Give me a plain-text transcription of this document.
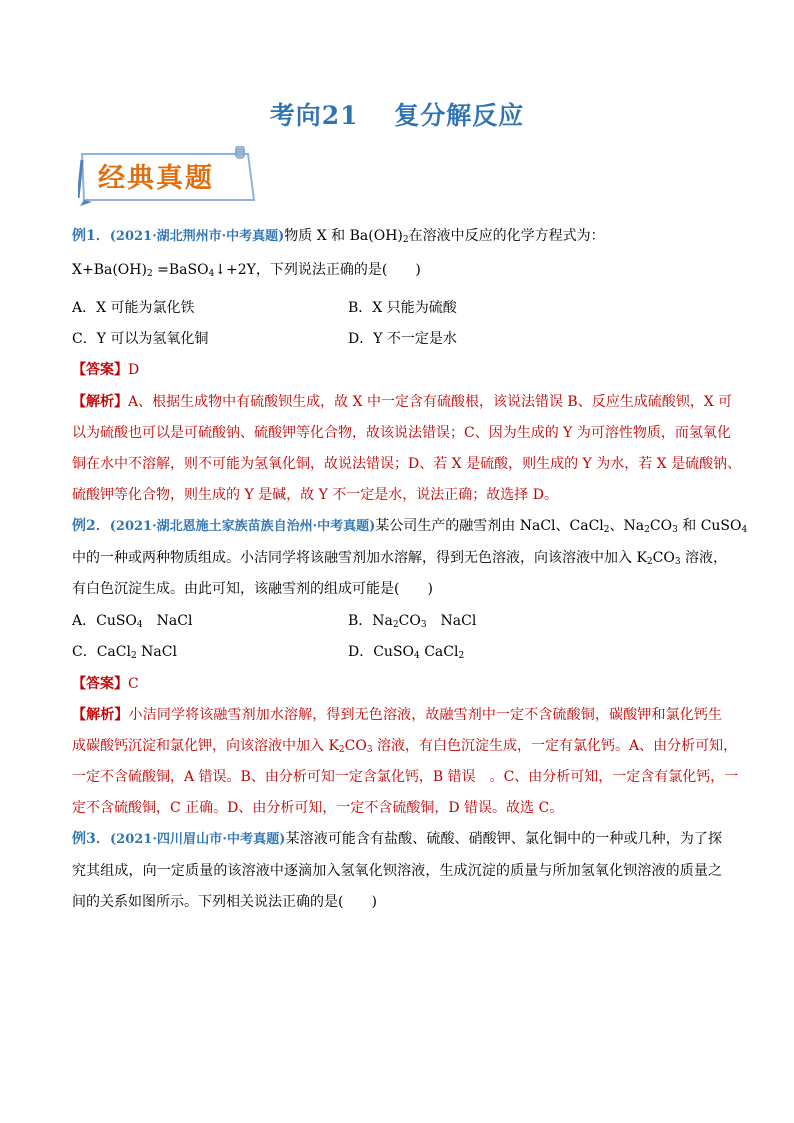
考向21　 复分解反应
经典真题
例1．(2021·湖北荆州市·中考真题)物质 X 和 $Ba(OH)_2$在溶液中反应的化学方程式为：
$X+Ba(OH)_2$ =BaSO$_4$↓+2Y，下列说法正确的是(　　)
A．X 可能为氯化铁	B．X 只能为硫酸
C．Y 可以为氢氧化铜	D．Y 不一定是水
【答案】D
【解析】A、根据生成物中有硫酸钡生成，故 X 中一定含有硫酸根，该说法错误 B、反应生成硫酸钡，X 可
以为硫酸也可以是可硫酸钠、硫酸钾等化合物，故该说法错误；C、因为生成的 Y 为可溶性物质，而氢氧化
铜在水中不溶解，则不可能为氢氧化铜，故说法错误；D、若 X 是硫酸，则生成的 Y 为水，若 X 是硫酸钠、
硫酸钾等化合物，则生成的 Y 是碱，故 Y 不一定是水，说法正确；故选择 D。
例2．(2021·湖北恩施土家族苗族自治州·中考真题)某公司生产的融雪剂由 NaCl、CaCl$_2$、$Na_2CO_3$ 和 CuSO$_4$
中的一种或两种物质组成。小洁同学将该融雪剂加水溶解，得到无色溶液，向该溶液中加入 $K_2CO_3$ 溶液，
有白色沉淀生成。由此可知，该融雪剂的组成可能是(　　)
A．CuSO$_4$　NaCl	B．$Na_2CO_3$　NaCl
C．CaCl$_2$ NaCl	D．CuSO$_4$ CaCl$_2$
【答案】C
【解析】小洁同学将该融雪剂加水溶解，得到无色溶液，故融雪剂中一定不含硫酸铜，碳酸钾和氯化钙生
成碳酸钙沉淀和氯化钾，向该溶液中加入 $K_2CO_3$ 溶液，有白色沉淀生成，一定有氯化钙。A、由分析可知，
一定不含硫酸铜，A 错误。B、由分析可知一定含氯化钙，B 错误　。C、由分析可知，一定含有氯化钙，一
定不含硫酸铜，C 正确。D、由分析可知，一定不含硫酸铜，D 错误。故选 C。
例3．(2021·四川眉山市·中考真题)某溶液可能含有盐酸、硫酸、硝酸钾、氯化铜中的一种或几种，为了探
究其组成，向一定质量的该溶液中逐滴加入氢氧化钡溶液，生成沉淀的质量与所加氢氧化钡溶液的质量之
间的关系如图所示。下列相关说法正确的是(　　)
